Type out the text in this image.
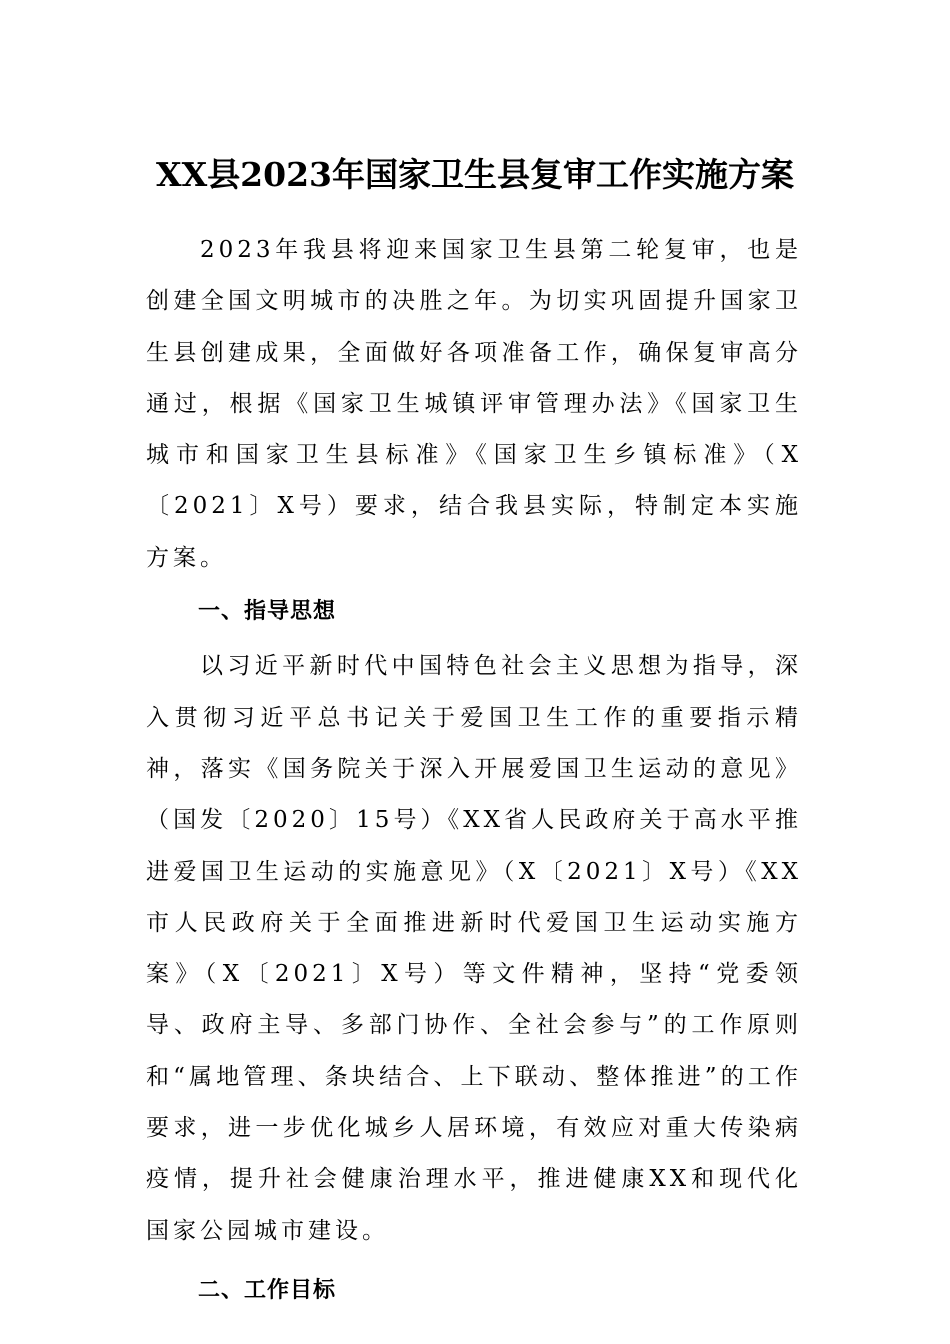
XX县2023年国家卫生县复审工作实施方案

2023年我县将迎来国家卫生县第二轮复审，也是创建全国文明城市的决胜之年。为切实巩固提升国家卫生县创建成果，全面做好各项准备工作，确保复审高分通过，根据《国家卫生城镇评审管理办法》《国家卫生城市和国家卫生县标准》《国家卫生乡镇标准》（X〔2021〕X号）要求，结合我县实际，特制定本实施方案。

一、指导思想

以习近平新时代中国特色社会主义思想为指导，深入贯彻习近平总书记关于爱国卫生工作的重要指示精神，落实《国务院关于深入开展爱国卫生运动的意见》（国发〔2020〕15号）《XX省人民政府关于高水平推进爱国卫生运动的实施意见》（X〔2021〕X号）《XX市人民政府关于全面推进新时代爱国卫生运动实施方案》（X〔2021〕X号）等文件精神，坚持“党委领导、政府主导、多部门协作、全社会参与”的工作原则和“属地管理、条块结合、上下联动、整体推进”的工作要求，进一步优化城乡人居环境，有效应对重大传染病疫情，提升社会健康治理水平，推进健康XX和现代化国家公园城市建设。

二、工作目标
